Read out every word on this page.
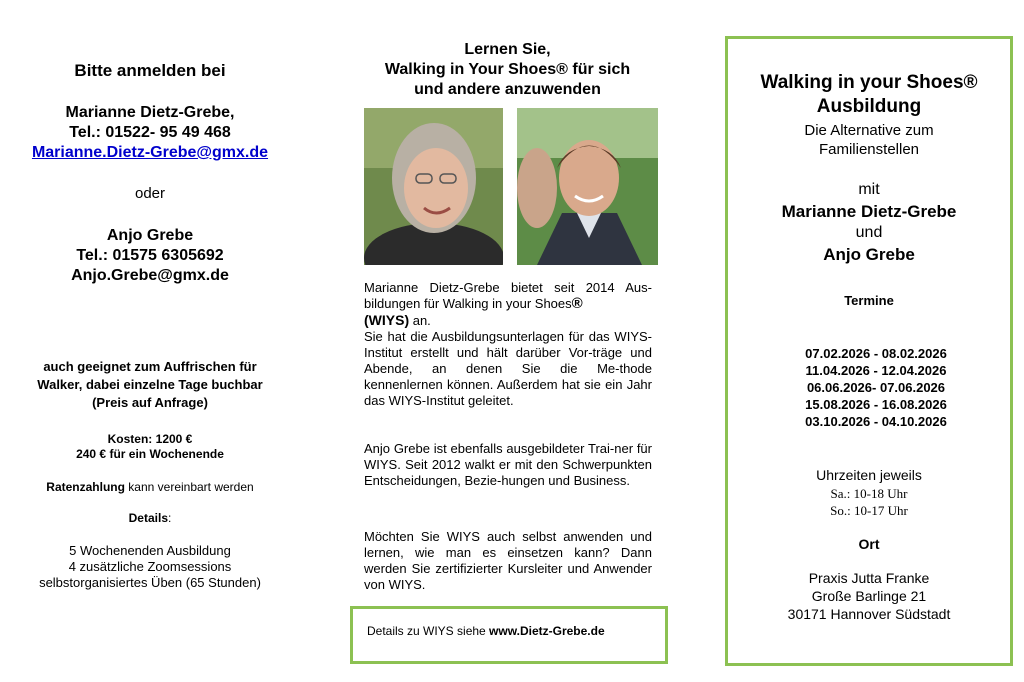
Bitte anmelden bei
Marianne Dietz-Grebe,
Tel.: 01522- 95 49 468
Marianne.Dietz-Grebe@gmx.de
oder
Anjo Grebe
Tel.: 01575 6305692
Anjo.Grebe@gmx.de
auch geeignet zum Auffrischen für
Walker, dabei einzelne Tage buchbar
(Preis auf Anfrage)
Kosten: 1200 €
240 € für ein Wochenende
Ratenzahlung kann vereinbart werden
Details:
5 Wochenenden Ausbildung
4 zusätzliche Zoomsessions
selbstorganisiertes Üben (65 Stunden)
Lernen Sie,
Walking in Your Shoes® für sich
und andere anzuwenden
Marianne Dietz-Grebe bietet seit 2014 Aus-bildungen für Walking in your Shoes®
(WIYS) an.
Sie hat die Ausbildungsunterlagen für das WIYS-Institut erstellt und hält darüber Vor-träge und Abende, an denen Sie die Me-thode kennenlernen können. Außerdem hat sie ein Jahr das WIYS-Institut geleitet.
Anjo Grebe ist ebenfalls ausgebildeter Trai-ner für WIYS. Seit 2012 walkt er mit den Schwerpunkten Entscheidungen, Bezie-hungen und Business.
Möchten Sie WIYS auch selbst anwenden und lernen, wie man es einsetzen kann? Dann werden Sie zertifizierter Kursleiter und Anwender von WIYS.
Details zu WIYS siehe www.Dietz-Grebe.de
Walking in your Shoes®
Ausbildung
Die Alternative zum
Familienstellen
mit
Marianne Dietz-Grebe
und
Anjo Grebe
Termine
07.02.2026 - 08.02.2026
11.04.2026 - 12.04.2026
06.06.2026- 07.06.2026
15.08.2026 - 16.08.2026
03.10.2026 - 04.10.2026
Uhrzeiten jeweils
Sa.: 10-18 Uhr
So.: 10-17 Uhr
Ort
Praxis Jutta Franke
Große Barlinge 21
30171 Hannover Südstadt
